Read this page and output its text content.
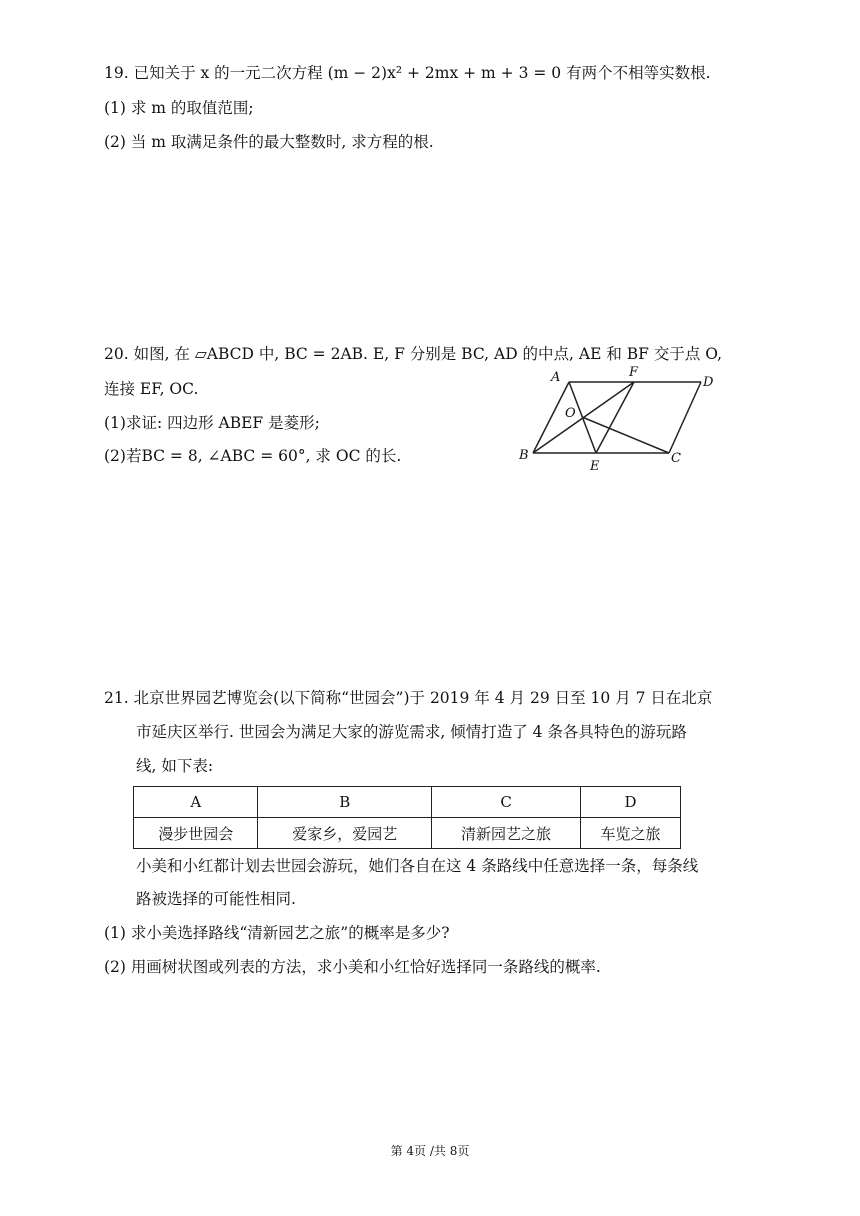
19. 已知关于 x 的一元二次方程 (m − 2)x² + 2mx + m + 3 = 0 有两个不相等实数根.
(1) 求 m 的取值范围;
(2) 当 m 取满足条件的最大整数时, 求方程的根.
20. 如图, 在 ▱ABCD 中, BC = 2AB. E, F 分别是 BC, AD 的中点, AE 和 BF 交于点 O,
连接 EF, OC.
(1)求证: 四边形 ABEF 是菱形;
(2)若BC = 8, ∠ABC = 60°, 求 OC 的长.
A	F
D
O
B
E
C
21. 北京世界园艺博览会(以下简称“世园会”)于 2019 年 4 月 29 日至 10 月 7 日在北京
市延庆区举行. 世园会为满足大家的游览需求, 倾情打造了 4 条各具特色的游玩路
线, 如下表:
A	B	C	D
漫步世园会	爱家乡，爱园艺	清新园艺之旅	车览之旅
小美和小红都计划去世园会游玩，她们各自在这 4 条路线中任意选择一条，每条线
路被选择的可能性相同.
(1) 求小美选择路线“清新园艺之旅”的概率是多少?
(2) 用画树状图或列表的方法，求小美和小红恰好选择同一条路线的概率.
第 4页 /共 8页
